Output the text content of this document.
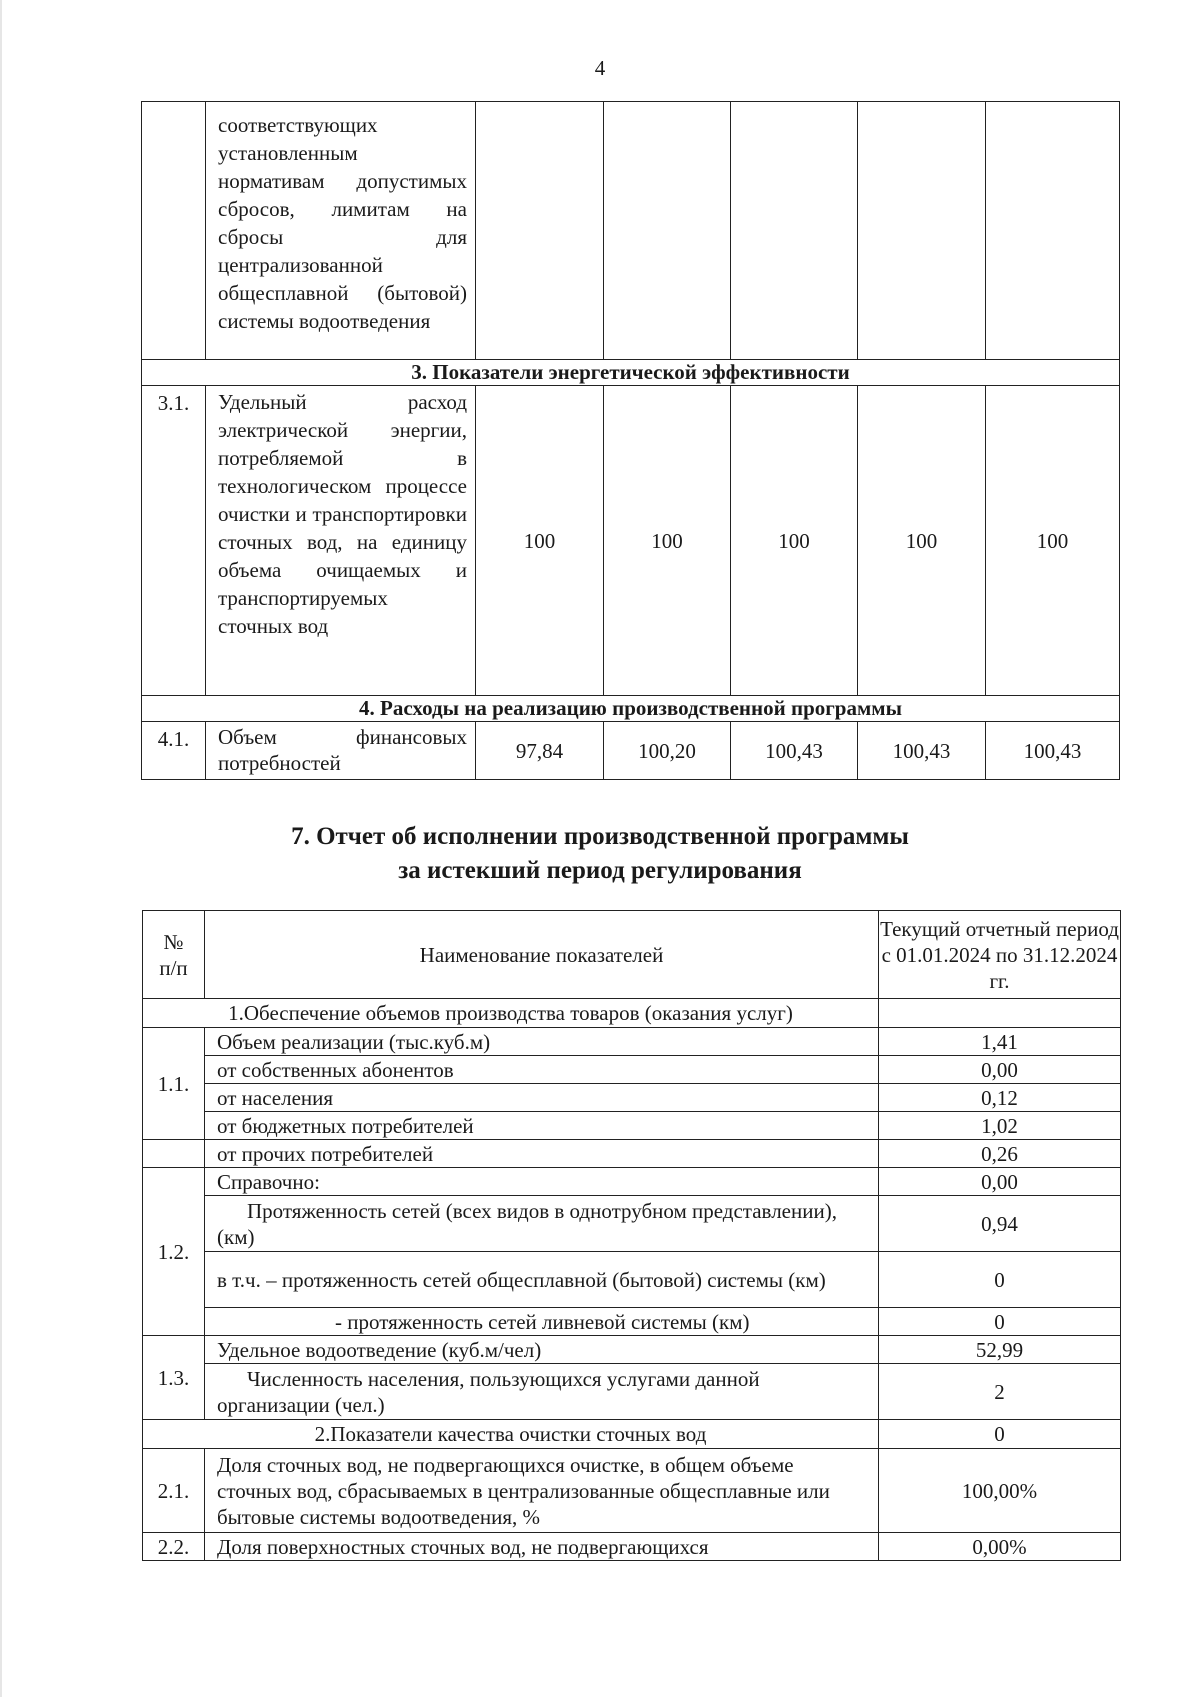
4
	соответствующих установленным нормативам допустимых сбросов, лимитам на сбросы для централизованной общесплавной (бытовой) системы водоотведения					
3. Показатели энергетической эффективности						
3.1.	Удельный расход электрической энергии, потребляемой в технологическом процессе очистки и транспортировки сточных вод, на единицу объема очищаемых и транспортируемых сточных вод	100	100	100	100	100
4. Расходы на реализацию производственной программы						
4.1.	Объем финансовых потребностей	97,84	100,20	100,43	100,43	100,43
7. Отчет об исполнении производственной программы
за истекший период регулирования
№ п/п	Наименование показателей	Текущий отчетный период с 01.01.2024 по 31.12.2024 гг.
1.Обеспечение объемов производства товаров (оказания услуг)		
1.1.	Объем реализации (тыс.куб.м)	1,41
	от собственных абонентов	0,00
	от населения	0,12
	от бюджетных потребителей	1,02
	от прочих потребителей	0,26
1.2.	Справочно:	0,00
	Протяженность сетей (всех видов в однотрубном представлении), (км)	0,94
	в т.ч. – протяженность сетей общесплавной (бытовой) системы (км)	0
	- протяженность сетей ливневой системы (км)	0
1.3.	Удельное водоотведение (куб.м/чел)	52,99
	Численность населения, пользующихся услугами данной организации (чел.)	2
2.Показатели качества очистки сточных вод		0
2.1.	Доля сточных вод, не подвергающихся очистке, в общем объеме сточных вод, сбрасываемых в централизованные общесплавные или бытовые системы водоотведения, %	100,00%
2.2.	Доля поверхностных сточных вод, не подвергающихся	0,00%
